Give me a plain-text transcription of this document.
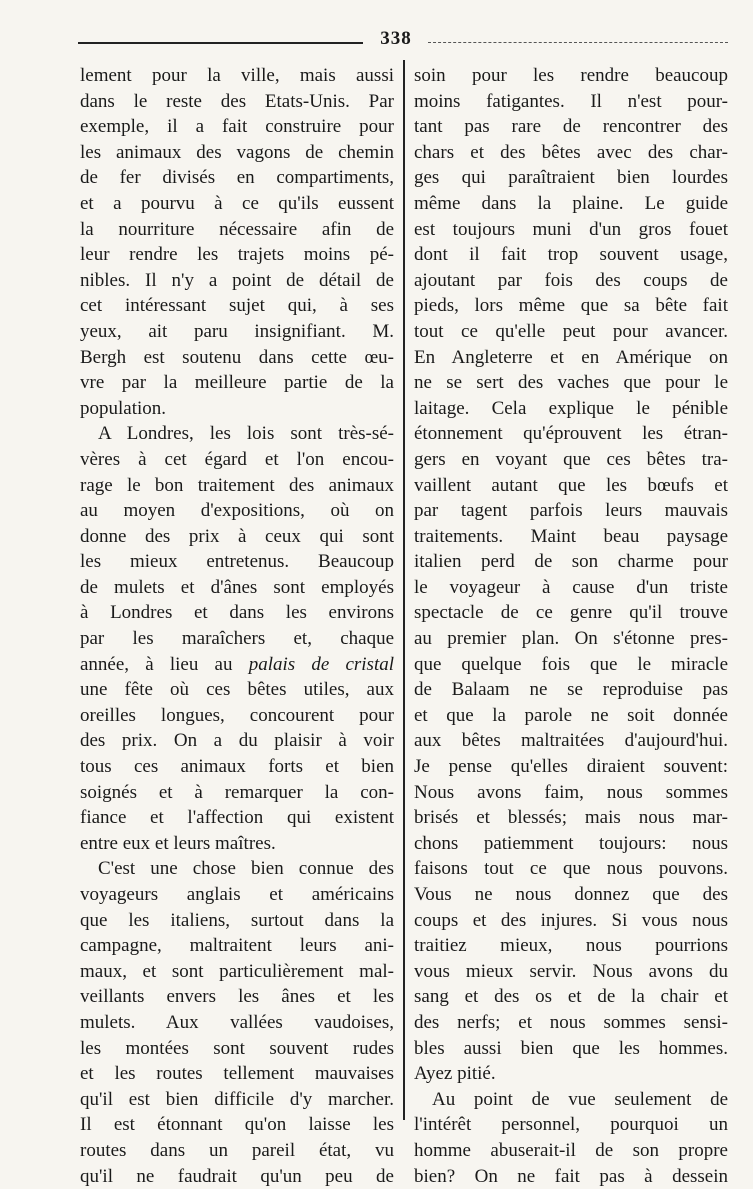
338
lement pour la ville, mais aussi
dans le reste des Etats-Unis. Par
exemple, il a fait construire pour
les animaux des vagons de chemin
de fer divisés en compartiments,
et a pourvu à ce qu'ils eussent
la nourriture nécessaire afin de
leur rendre les trajets moins pé-
nibles. Il n'y a point de détail de
cet intéressant sujet qui, à ses
yeux, ait paru insignifiant. M.
Bergh est soutenu dans cette œu-
vre par la meilleure partie de la
population.
A Londres, les lois sont très-sé-
vères à cet égard et l'on encou-
rage le bon traitement des animaux
au moyen d'expositions, où on
donne des prix à ceux qui sont
les mieux entretenus. Beaucoup
de mulets et d'ânes sont employés
à Londres et dans les environs
par les maraîchers et, chaque
année, à lieu au palais de cristal
une fête où ces bêtes utiles, aux
oreilles longues, concourent pour
des prix. On a du plaisir à voir
tous ces animaux forts et bien
soignés et à remarquer la con-
fiance et l'affection qui existent
entre eux et leurs maîtres.
C'est une chose bien connue des
voyageurs anglais et américains
que les italiens, surtout dans la
campagne, maltraitent leurs ani-
maux, et sont particulièrement mal-
veillants envers les ânes et les
mulets. Aux vallées vaudoises,
les montées sont souvent rudes
et les routes tellement mauvaises
qu'il est bien difficile d'y marcher.
Il est étonnant qu'on laisse les
routes dans un pareil état, vu
qu'il ne faudrait qu'un peu de
soin pour les rendre beaucoup
moins fatigantes. Il n'est pour-
tant pas rare de rencontrer des
chars et des bêtes avec des char-
ges qui paraîtraient bien lourdes
même dans la plaine. Le guide
est toujours muni d'un gros fouet
dont il fait trop souvent usage,
ajoutant par fois des coups de
pieds, lors même que sa bête fait
tout ce qu'elle peut pour avancer.
En Angleterre et en Amérique on
ne se sert des vaches que pour le
laitage. Cela explique le pénible
étonnement qu'éprouvent les étran-
gers en voyant que ces bêtes tra-
vaillent autant que les bœufs et
par tagent parfois leurs mauvais
traitements. Maint beau paysage
italien perd de son charme pour
le voyageur à cause d'un triste
spectacle de ce genre qu'il trouve
au premier plan. On s'étonne pres-
que quelque fois que le miracle
de Balaam ne se reproduise pas
et que la parole ne soit donnée
aux bêtes maltraitées d'aujourd'hui.
Je pense qu'elles diraient souvent:
Nous avons faim, nous sommes
brisés et blessés; mais nous mar-
chons patiemment toujours: nous
faisons tout ce que nous pouvons.
Vous ne nous donnez que des
coups et des injures. Si vous nous
traitiez mieux, nous pourrions
vous mieux servir. Nous avons du
sang et des os et de la chair et
des nerfs; et nous sommes sensi-
bles aussi bien que les hommes.
Ayez pitié.
Au point de vue seulement de
l'intérêt personnel, pourquoi un
homme abuserait-il de son propre
bien? On ne fait pas à dessein
